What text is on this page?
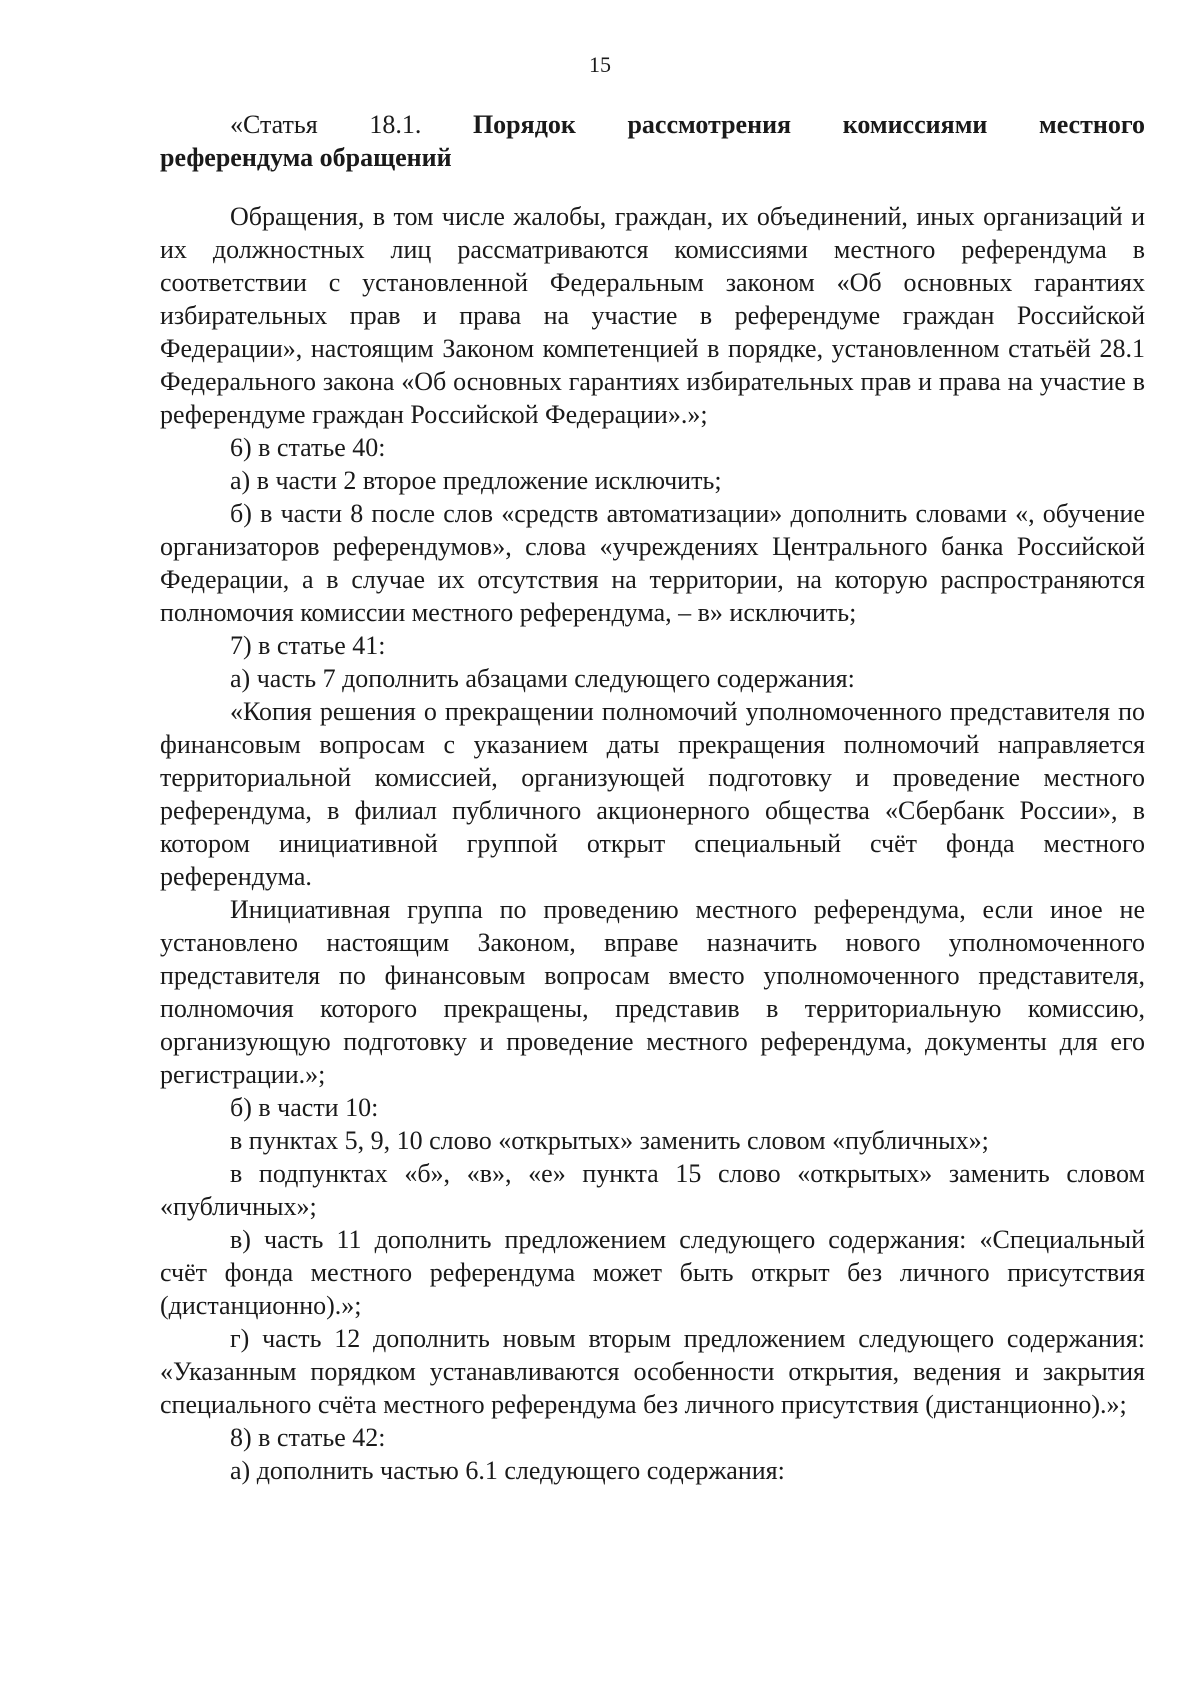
15
«Статья 18.1. Порядок рассмотрения комиссиями местного
референдума обращений

Обращения, в том числе жалобы, граждан, их объединений, иных организаций и их должностных лиц рассматриваются комиссиями местного референдума в соответствии с установленной Федеральным законом «Об основных гарантиях избирательных прав и права на участие в референдуме граждан Российской Федерации», настоящим Законом компетенцией в порядке, установленном статьёй 28.1 Федерального закона «Об основных гарантиях избирательных прав и права на участие в референдуме граждан Российской Федерации».»;

6) в статье 40:

а) в части 2 второе предложение исключить;

б) в части 8 после слов «средств автоматизации» дополнить словами «, обучение организаторов референдумов», слова «учреждениях Центрального банка Российской Федерации, а в случае их отсутствия на территории, на которую распространяются полномочия комиссии местного референдума, – в» исключить;

7) в статье 41:

а) часть 7 дополнить абзацами следующего содержания:

«Копия решения о прекращении полномочий уполномоченного представителя по финансовым вопросам с указанием даты прекращения полномочий направляется территориальной комиссией, организующей подготовку и проведение местного референдума, в филиал публичного акционерного общества «Сбербанк России», в котором инициативной группой открыт специальный счёт фонда местного референдума.

Инициативная группа по проведению местного референдума, если иное не установлено настоящим Законом, вправе назначить нового уполномоченного представителя по финансовым вопросам вместо уполномоченного представителя, полномочия которого прекращены, представив в территориальную комиссию, организующую подготовку и проведение местного референдума, документы для его регистрации.»;

б) в части 10:

в пунктах 5, 9, 10 слово «открытых» заменить словом «публичных»;

в подпунктах «б», «в», «е» пункта 15 слово «открытых» заменить словом «публичных»;

в) часть 11 дополнить предложением следующего содержания: «Специальный счёт фонда местного референдума может быть открыт без личного присутствия (дистанционно).»;

г) часть 12 дополнить новым вторым предложением следующего содержания: «Указанным порядком устанавливаются особенности открытия, ведения и закрытия специального счёта местного референдума без личного присутствия (дистанционно).»;

8) в статье 42:

а) дополнить частью 6.1 следующего содержания:
